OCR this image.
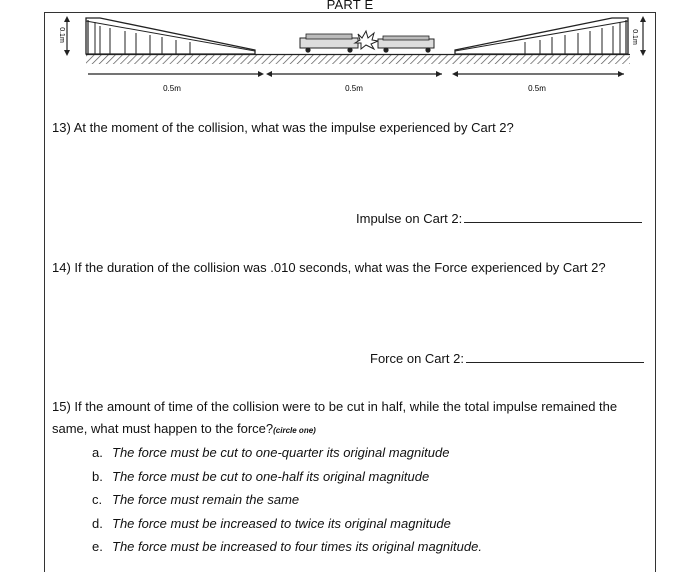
PART E
0.1m	0.1m
0.5m	0.5m	0.5m
13) At the moment of the collision, what was the impulse experienced by Cart 2?
Impulse on Cart 2:
14) If the duration of the collision was .010 seconds, what was the Force experienced by Cart 2?
Force on Cart 2:
15) If the amount of time of the collision were to be cut in half, while the total impulse remained the
same, what must happen to the force?(circle one)
a. The force must be cut to one-quarter its original magnitude
b. The force must be cut to one-half its original magnitude
c. The force must remain the same
d. The force must be increased to twice its original magnitude
e. The force must be increased to four times its original magnitude.
